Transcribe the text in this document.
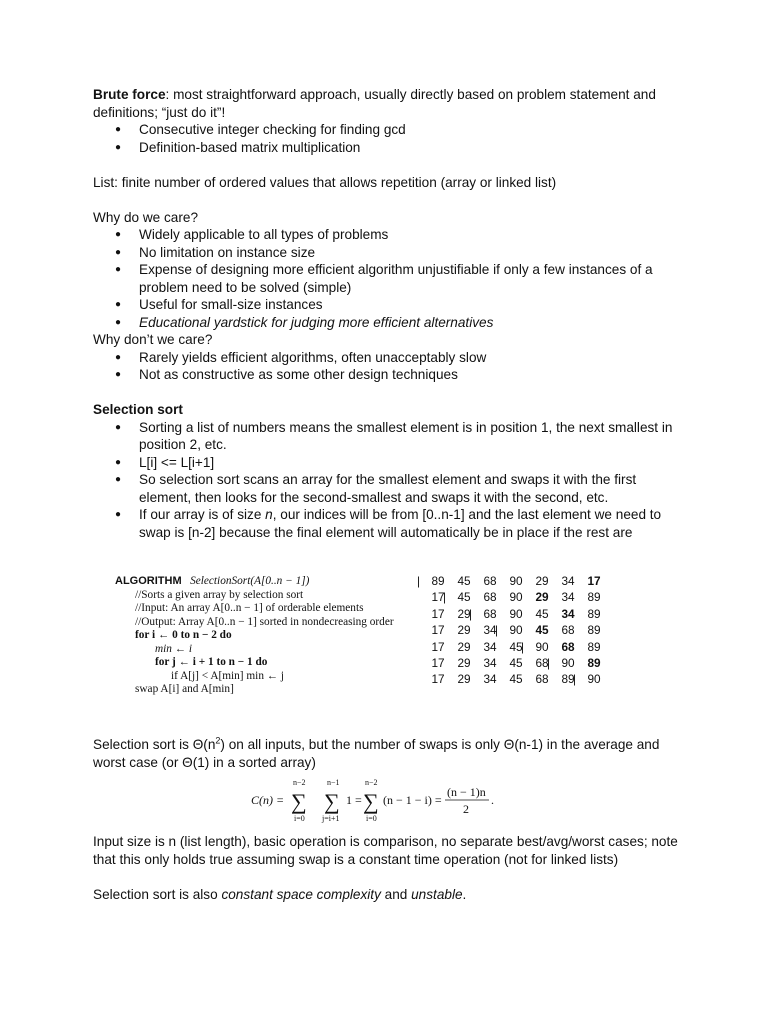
Brute force: most straightforward approach, usually directly based on problem statement and definitions; “just do it”!

● Consecutive integer checking for finding gcd
● Definition-based matrix multiplication

List: finite number of ordered values that allows repetition (array or linked list)

Why do we care?

● Widely applicable to all types of problems
● No limitation on instance size
● Expense of designing more efficient algorithm unjustifiable if only a few instances of a problem need to be solved (simple)
● Useful for small-size instances
● Educational yardstick for judging more efficient alternatives

Why don’t we care?

● Rarely yields efficient algorithms, often unacceptably slow
● Not as constructive as some other design techniques

Selection sort

● Sorting a list of numbers means the smallest element is in position 1, the next smallest in position 2, etc.
● L[i] <= L[i+1]
● So selection sort scans an array for the smallest element and swaps it with the first element, then looks for the second-smallest and swaps it with the second, etc.
● If our array is of size n, our indices will be from [0..n-1] and the last element we need to swap is [n-2] because the final element will automatically be in place if the rest are
ALGORITHM SelectionSort(A[0..n − 1])
//Sorts a given array by selection sort
//Input: An array A[0..n − 1] of orderable elements
//Output: Array A[0..n − 1] sorted in nondecreasing order
for i ← 0 to n − 2 do
min ← i
for j ← i + 1 to n − 1 do
if A[j] < A[min] min ← j
swap A[i] and A[min]
| 89	45	68	90	29	34	17
17	| 45	68	90	29	34	89
17	29	| 68	90	45	34	89
17	29	34	| 90	45	68	89
17	29	34	45	| 90	68	89
17	29	34	45	68	| 90	89
17	29	34	45	68	89	| 90

Selection sort is $\Theta(n^2)$ on all inputs, but the number of swaps is only Θ(n-1) in the average and worst case (or Θ(1) in a sorted array)

C(n) =
n−2
∑
i=0
n−1
∑
j=i+1
1 =
n−2
∑
i=0
(n − 1 − i) =
(n − 1)n
2
.

Input size is n (list length), basic operation is comparison, no separate best/avg/worst cases; note that this only holds true assuming swap is a constant time operation (not for linked lists)

Selection sort is also constant space complexity and unstable.
